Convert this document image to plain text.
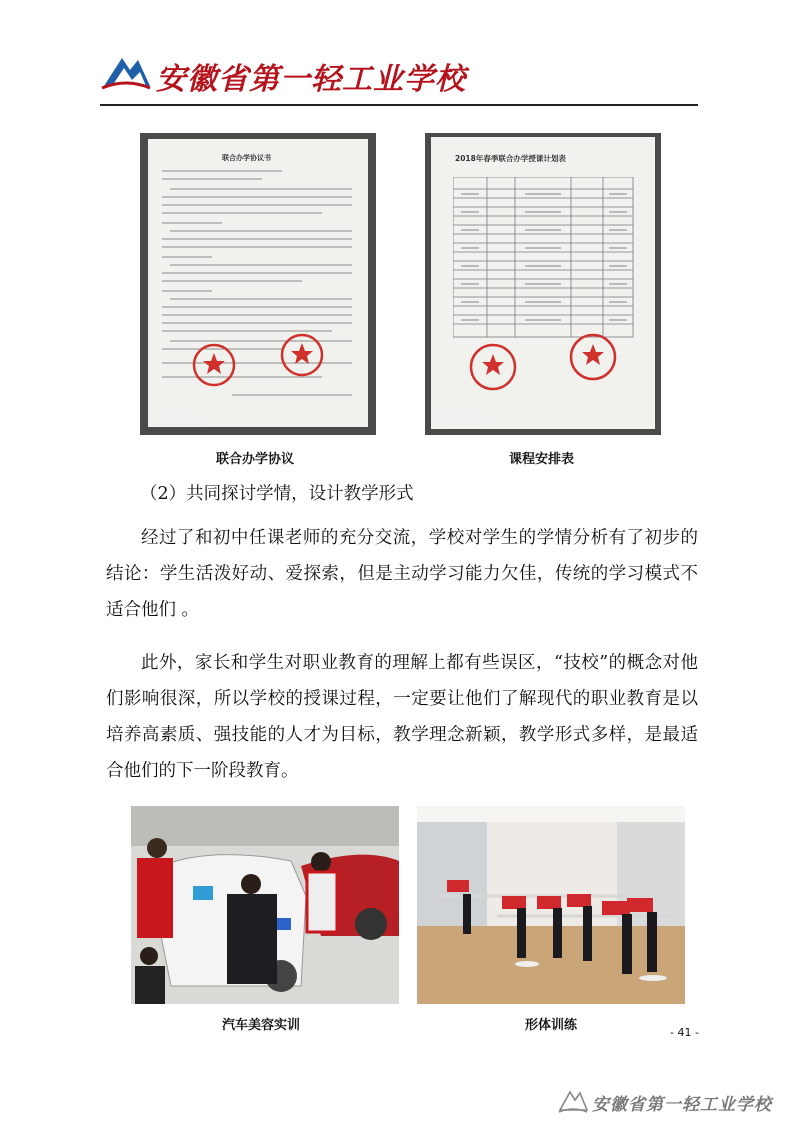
安徽省第一轻工业学校
联合办学协议书
SHOT ON MI 6
MI DUAL CAMERA
2018年春季联合办学授课计划表
SHOT ON MI 6
MI DUAL CAMERA
联合办学协议	课程安排表
（2）共同探讨学情，设计教学形式
经过了和初中任课老师的充分交流，学校对学生的学情分析有了初步的结论：学生活泼好动、爱探索，但是主动学习能力欠佳，传统的学习模式不适合他们 。
此外，家长和学生对职业教育的理解上都有些误区，“技校”的概念对他们影响很深，所以学校的授课过程，一定要让他们了解现代的职业教育是以培养高素质、强技能的人才为目标，教学理念新颖，教学形式多样，是最适合他们的下一阶段教育。
汽车美容实训	形体训练	- 41 -
安徽省第一轻工业学校
